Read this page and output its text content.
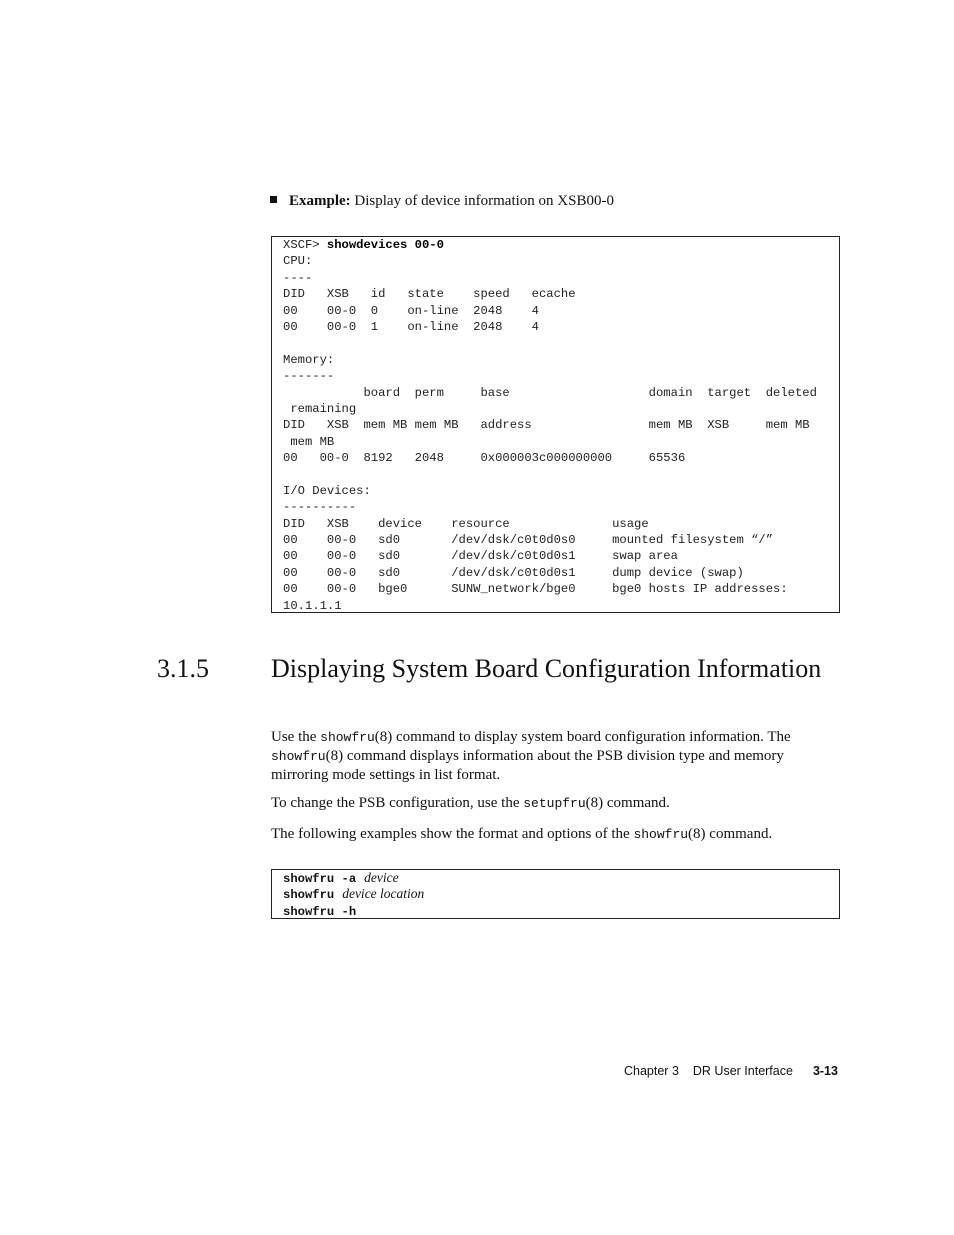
Example: Display of device information on XSB00-0
XSCF> showdevices 00-0
CPU:
----
DID   XSB   id   state    speed   ecache
00    00-0  0    on-line  2048    4
00    00-0  1    on-line  2048    4
Memory:
-------
board  perm     base                   domain  target  deleted
remaining
DID   XSB  mem MB mem MB   address                mem MB  XSB     mem MB
mem MB
00   00-0  8192   2048     0x000003c000000000     65536
I/O Devices:
----------
DID   XSB    device    resource              usage
00    00-0   sd0       /dev/dsk/c0t0d0s0     mounted filesystem “/”
00    00-0   sd0       /dev/dsk/c0t0d0s1     swap area
00    00-0   sd0       /dev/dsk/c0t0d0s1     dump device (swap)
00    00-0   bge0      SUNW_network/bge0     bge0 hosts IP addresses:
10.1.1.1
3.1.5 Displaying System Board Configuration Information
Use the showfru(8) command to display system board configuration information. The showfru(8) command displays information about the PSB division type and memory mirroring mode settings in list format.
To change the PSB configuration, use the setupfru(8) command.
The following examples show the format and options of the showfru(8) command.
showfru -a device
showfru device location
showfru -h
Chapter 3 DR User Interface 3-13
